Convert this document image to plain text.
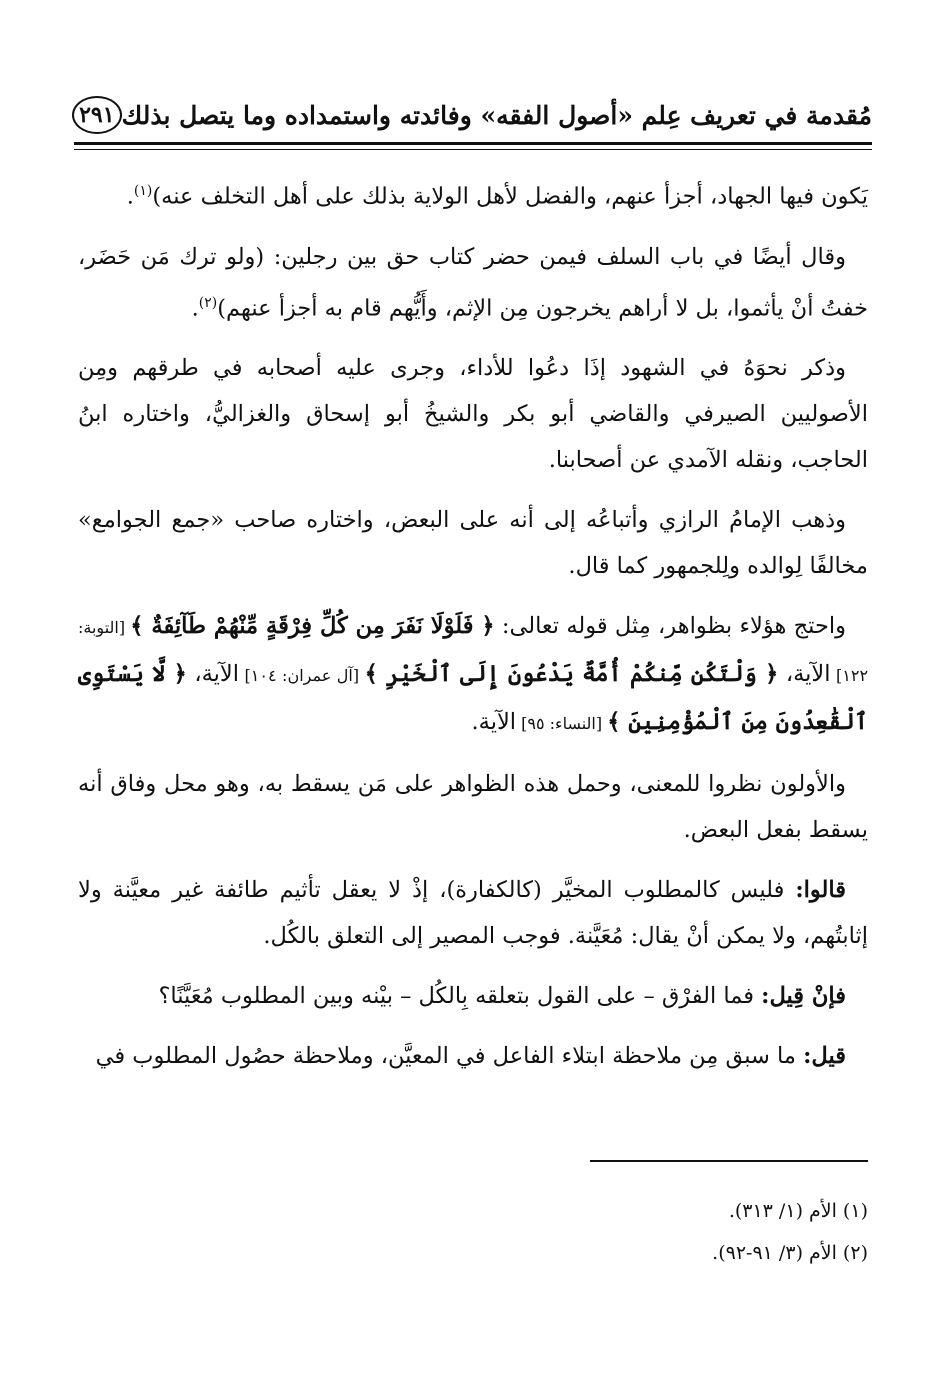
مُقدمة في تعريف عِلم «أصول الفقه» وفائدته واستمداده وما يتصل بذلك
٢٩١

يَكون فيها الجهاد، أجزأ عنهم، والفضل لأهل الولاية بذلك على أهل التخلف عنه)$^{(١)}$.

وقال أيضًا في باب السلف فيمن حضر كتاب حق بين رجلين: (ولو ترك مَن حَضَر، خفتُ أنْ يأثموا، بل لا أراهم يخرجون مِن الإثم، وأَيُّهم قام به أجزأ عنهم)$^{(٢)}$.

وذكر نحوَهُ في الشهود إذَا دعُوا للأداء، وجرى عليه أصحابه في طرقهم ومِن الأصوليين الصيرفي والقاضي أبو بكر والشيخُ أبو إسحاق والغزاليُّ، واختاره ابنُ الحاجب، ونقله الآمدي عن أصحابنا.

وذهب الإمامُ الرازي وأتباعُه إلى أنه على البعض، واختاره صاحب «جمع الجوامع» مخالفًا لِوالده ولِلجمهور كما قال.

واحتج هؤلاء بظواهر، مِثل قوله تعالى: ﴿ فَلَوْلَا نَفَرَ مِن كُلِّ فِرْقَةٍ مِّنْهُمْ طَآئِفَةٌ ﴾ [التوبة: ١٢٢] الآية، ﴿ وَلْتَكُن مِّنكُمْ أُمَّةٌ يَدْعُونَ إِلَى ٱلْخَيْرِ ﴾ [آل عمران: ١٠٤] الآية، ﴿ لَّا يَسْتَوِى ٱلْقَٰعِدُونَ مِنَ ٱلْمُؤْمِنِينَ ﴾ [النساء: ٩٥] الآية.

والأولون نظروا للمعنى، وحمل هذه الظواهر على مَن يسقط به، وهو محل وفاق أنه يسقط بفعل البعض.

قالوا: فليس كالمطلوب المخيَّر (كالكفارة)، إذْ لا يعقل تأثيم طائفة غير معيَّنة ولا إثابتُهم، ولا يمكن أنْ يقال: مُعَيَّنة. فوجب المصير إلى التعلق بالكُل.

فإنْ قِيل: فما الفرْق – على القول بتعلقه بِالكُل – بيْنه وبين المطلوب مُعَيَّنًا؟

قيل: ما سبق مِن ملاحظة ابتلاء الفاعل في المعيَّن، وملاحظة حصُول المطلوب في

(١) الأم (١/ ٣١٣).
(٢) الأم (٣/ ٩١-٩٢).
